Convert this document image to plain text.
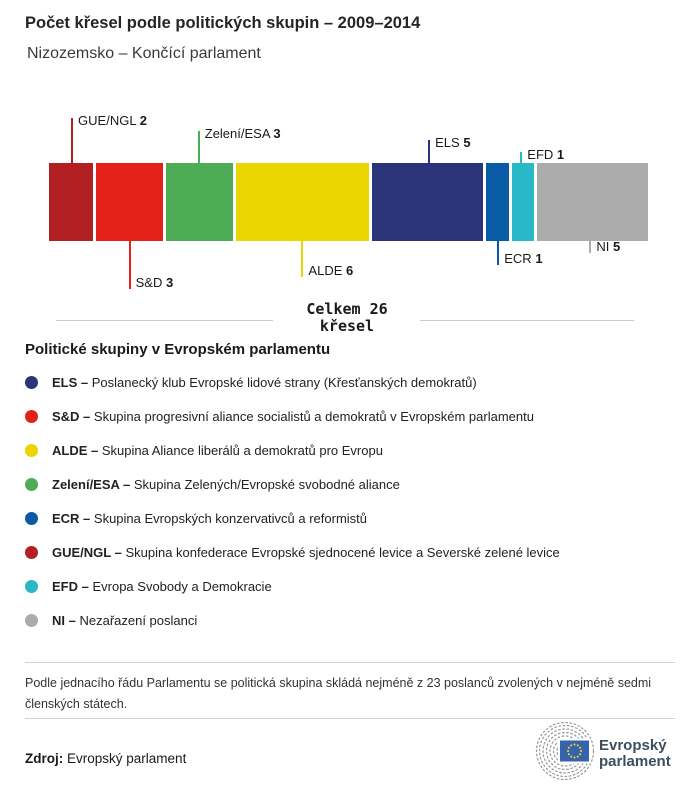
Počet křesel podle politických skupin – 2009–2014
Nizozemsko – Končící parlament
GUE/NGL 2
S&D 3
Zelení/ESA 3
ALDE 6
ELS 5
ECR 1
EFD 1
NI 5
Celkem 26
křesel
Politické skupiny v Evropském parlamentu
ELS – Poslanecký klub Evropské lidové strany (Křesťanských demokratů)
S&D – Skupina progresivní aliance socialistů a demokratů v Evropském parlamentu
ALDE – Skupina Aliance liberálů a demokratů pro Evropu
Zelení/ESA – Skupina Zelených/Evropské svobodné aliance
ECR – Skupina Evropských konzervativců a reformistů
GUE/NGL – Skupina konfederace Evropské sjednocené levice a Severské zelené levice
EFD – Evropa Svobody a Demokracie
NI – Nezařazení poslanci
Podle jednacího řádu Parlamentu se politická skupina skládá nejméně z 23 poslanců zvolených v nejméně sedmi členských státech.
Zdroj: Evropský parlament
Evropský
parlament
